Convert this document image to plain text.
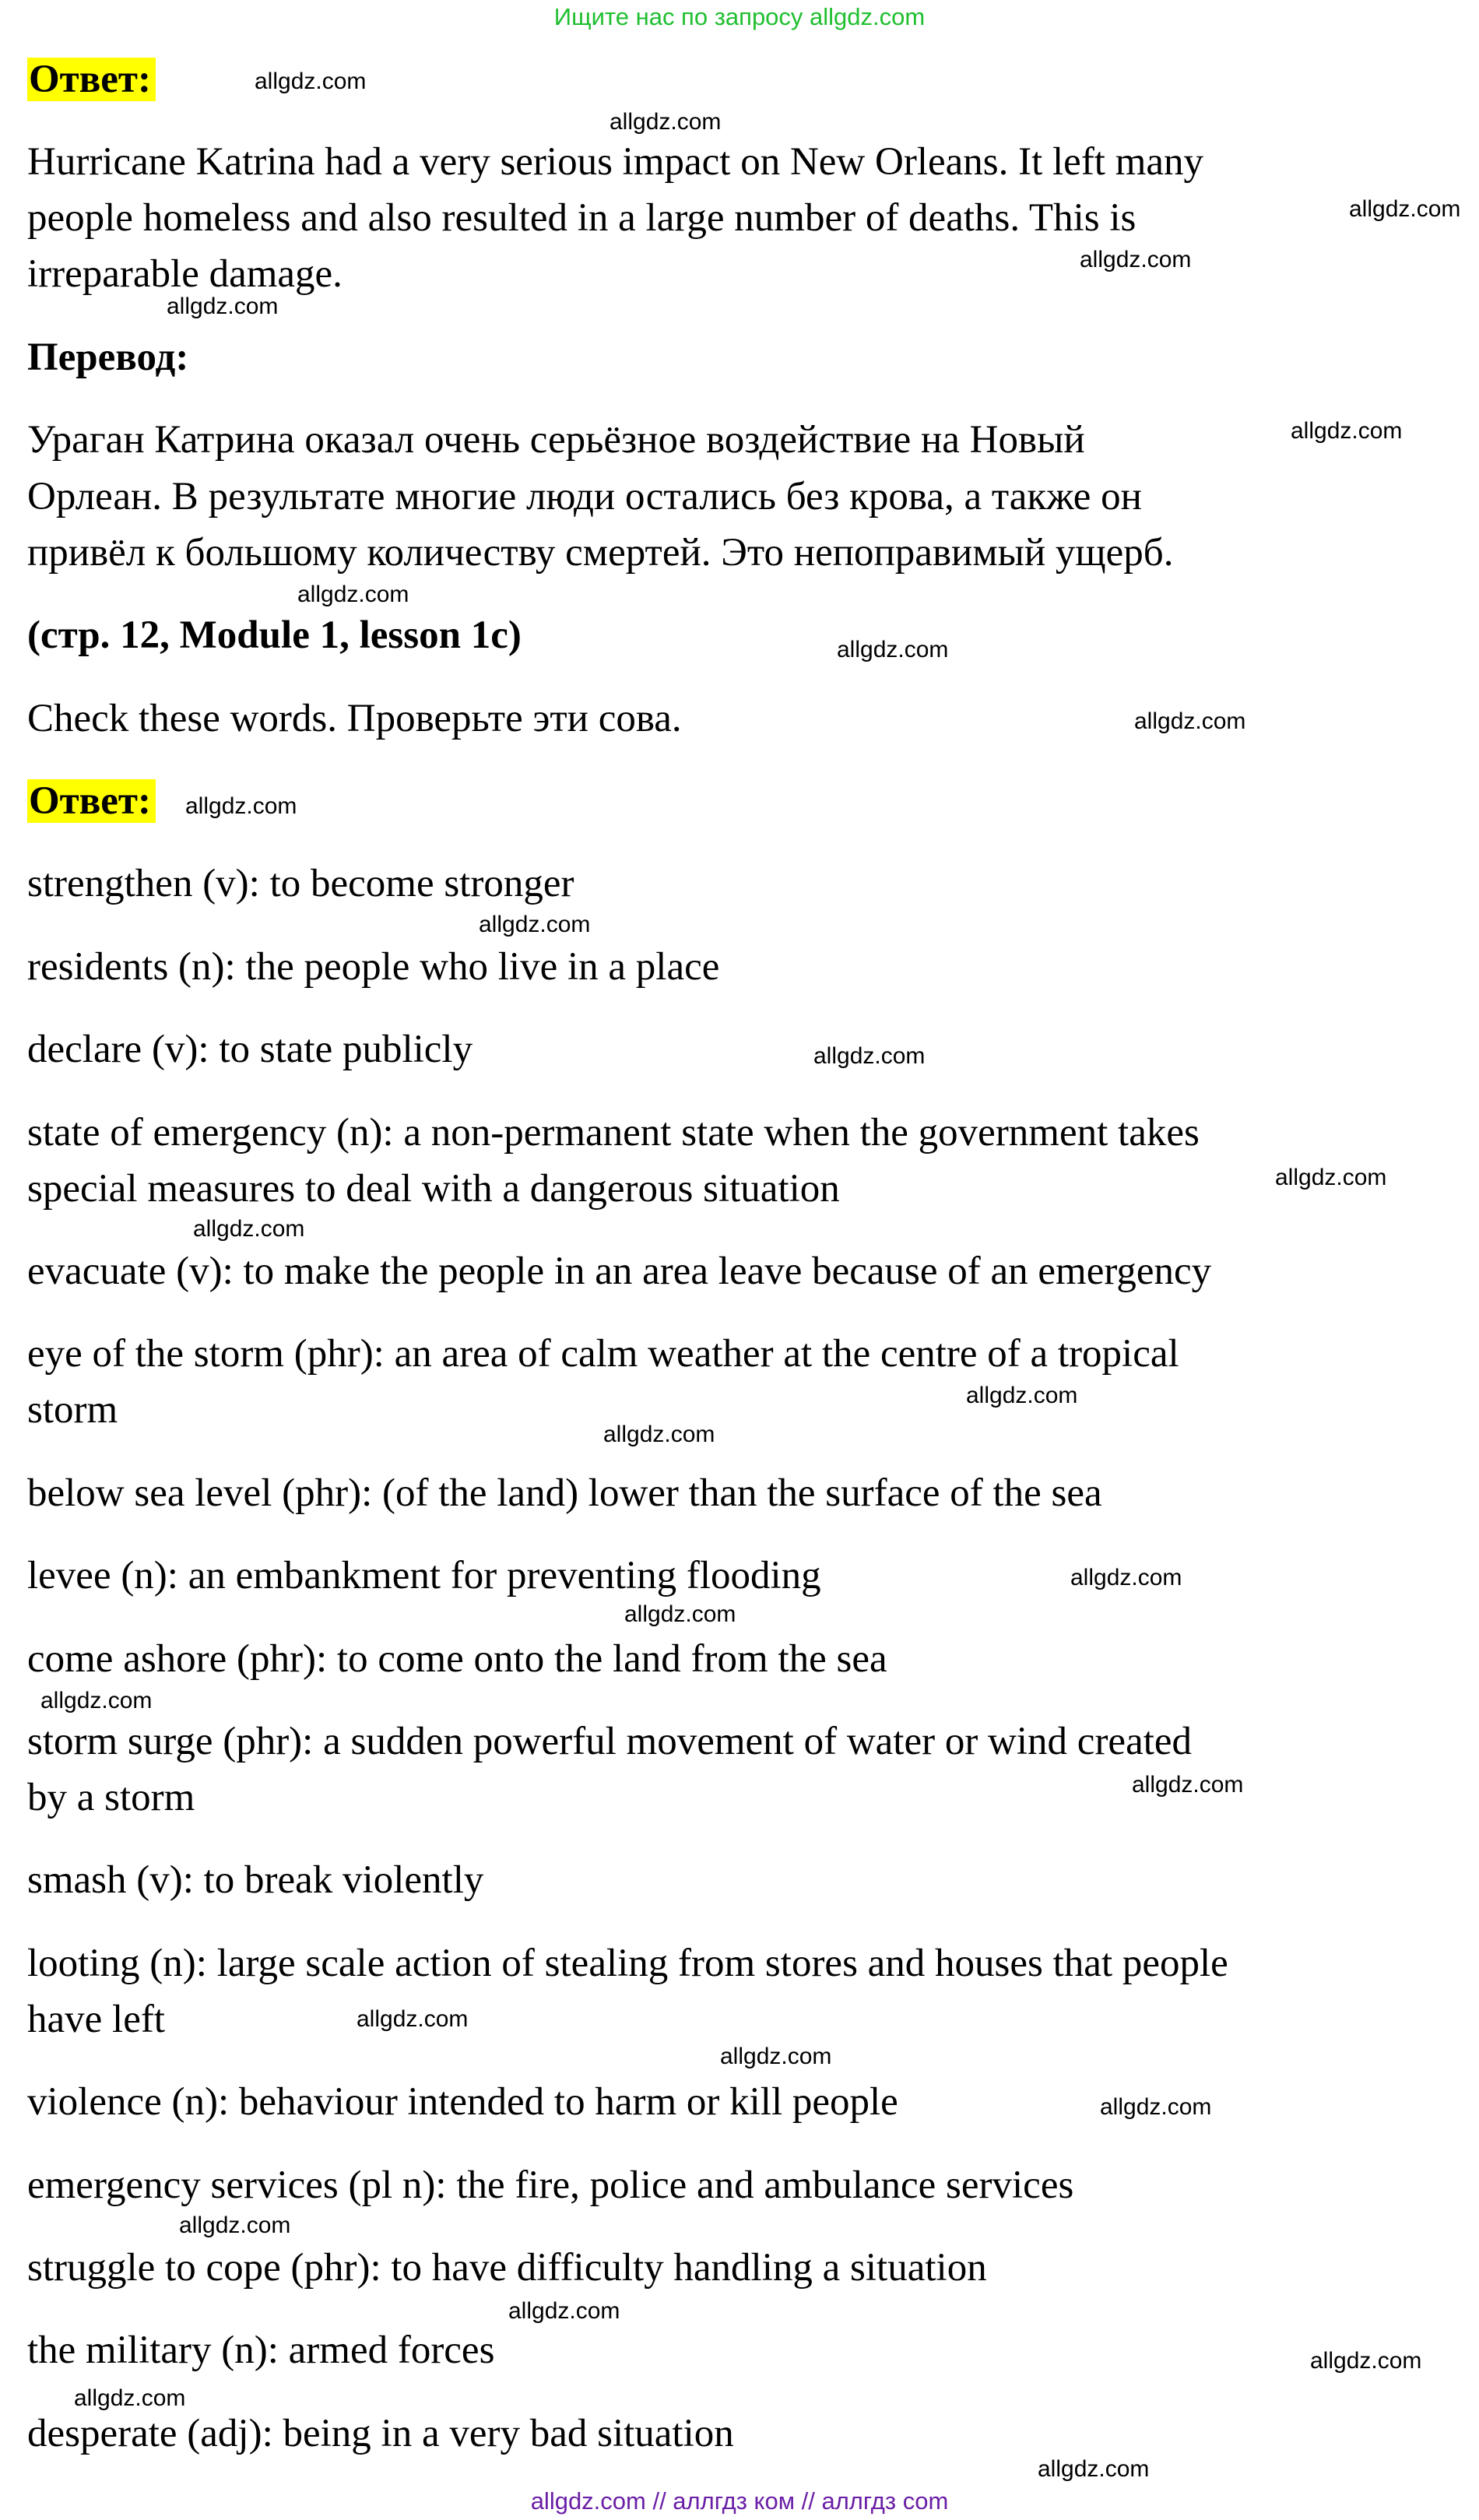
Ищите нас по запросу allgdz.com
Ответ:
Hurricane Katrina had a very serious impact on New Orleans. It left many
people homeless and also resulted in a large number of deaths. This is
irreparable damage.
Перевод:
Ураган Катрина оказал очень серьёзное воздействие на Новый
Орлеан. В результате многие люди остались без крова, а также он
привёл к большому количеству смертей. Это непоправимый ущерб.
(стр. 12, Module 1, lesson 1c)
Check these words. Проверьте эти сова.
Ответ:
strengthen (v): to become stronger
residents (n): the people who live in a place
declare (v): to state publicly
state of emergency (n): a non-permanent state when the government takes
special measures to deal with a dangerous situation
evacuate (v): to make the people in an area leave because of an emergency
eye of the storm (phr): an area of calm weather at the centre of a tropical
storm
below sea level (phr): (of the land) lower than the surface of the sea
levee (n): an embankment for preventing flooding
come ashore (phr): to come onto the land from the sea
storm surge (phr): a sudden powerful movement of water or wind created
by a storm
smash (v): to break violently
looting (n): large scale action of stealing from stores and houses that people
have left
violence (n): behaviour intended to harm or kill people
emergency services (pl n): the fire, police and ambulance services
struggle to cope (phr): to have difficulty handling a situation
the military (n): armed forces
desperate (adj): being in a very bad situation
allgdz.com
allgdz.com
allgdz.com
allgdz.com
allgdz.com
allgdz.com
allgdz.com
allgdz.com
allgdz.com
allgdz.com
allgdz.com
allgdz.com
allgdz.com
allgdz.com
allgdz.com
allgdz.com
allgdz.com
allgdz.com
allgdz.com
allgdz.com
allgdz.com
allgdz.com
allgdz.com
allgdz.com
allgdz.com
allgdz.com
allgdz.com
allgdz.com
allgdz.com // аллгдз ком // аллгдз com
